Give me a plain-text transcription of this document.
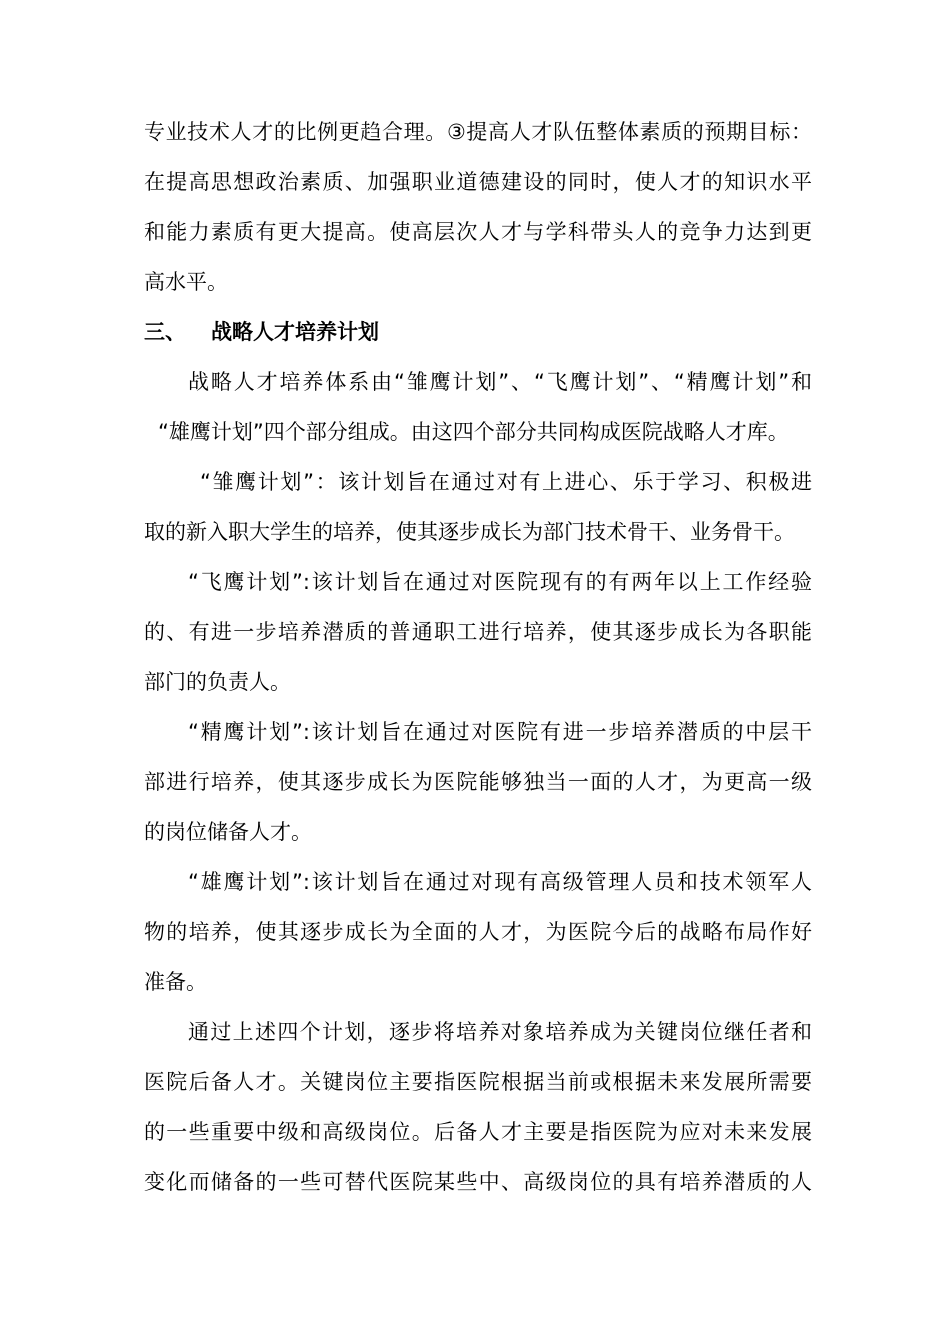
专业技术人才的比例更趋合理。③提高人才队伍整体素质的预期目标：
在提高思想政治素质、加强职业道德建设的同时，使人才的知识水平
和能力素质有更大提高。使高层次人才与学科带头人的竞争力达到更
高水平。
三、 战略人才培养计划
战略人才培养体系由“雏鹰计划”、“飞鹰计划”、“精鹰计划”和
“雄鹰计划”四个部分组成。由这四个部分共同构成医院战略人才库。
“雏鹰计划”：该计划旨在通过对有上进心、乐于学习、积极进
取的新入职大学生的培养，使其逐步成长为部门技术骨干、业务骨干。
“飞鹰计划”:该计划旨在通过对医院现有的有两年以上工作经验
的、有进一步培养潜质的普通职工进行培养，使其逐步成长为各职能
部门的负责人。
“精鹰计划”:该计划旨在通过对医院有进一步培养潜质的中层干
部进行培养，使其逐步成长为医院能够独当一面的人才，为更高一级
的岗位储备人才。
“雄鹰计划”:该计划旨在通过对现有高级管理人员和技术领军人
物的培养，使其逐步成长为全面的人才，为医院今后的战略布局作好
准备。
通过上述四个计划，逐步将培养对象培养成为关键岗位继任者和
医院后备人才。关键岗位主要指医院根据当前或根据未来发展所需要
的一些重要中级和高级岗位。后备人才主要是指医院为应对未来发展
变化而储备的一些可替代医院某些中、高级岗位的具有培养潜质的人
